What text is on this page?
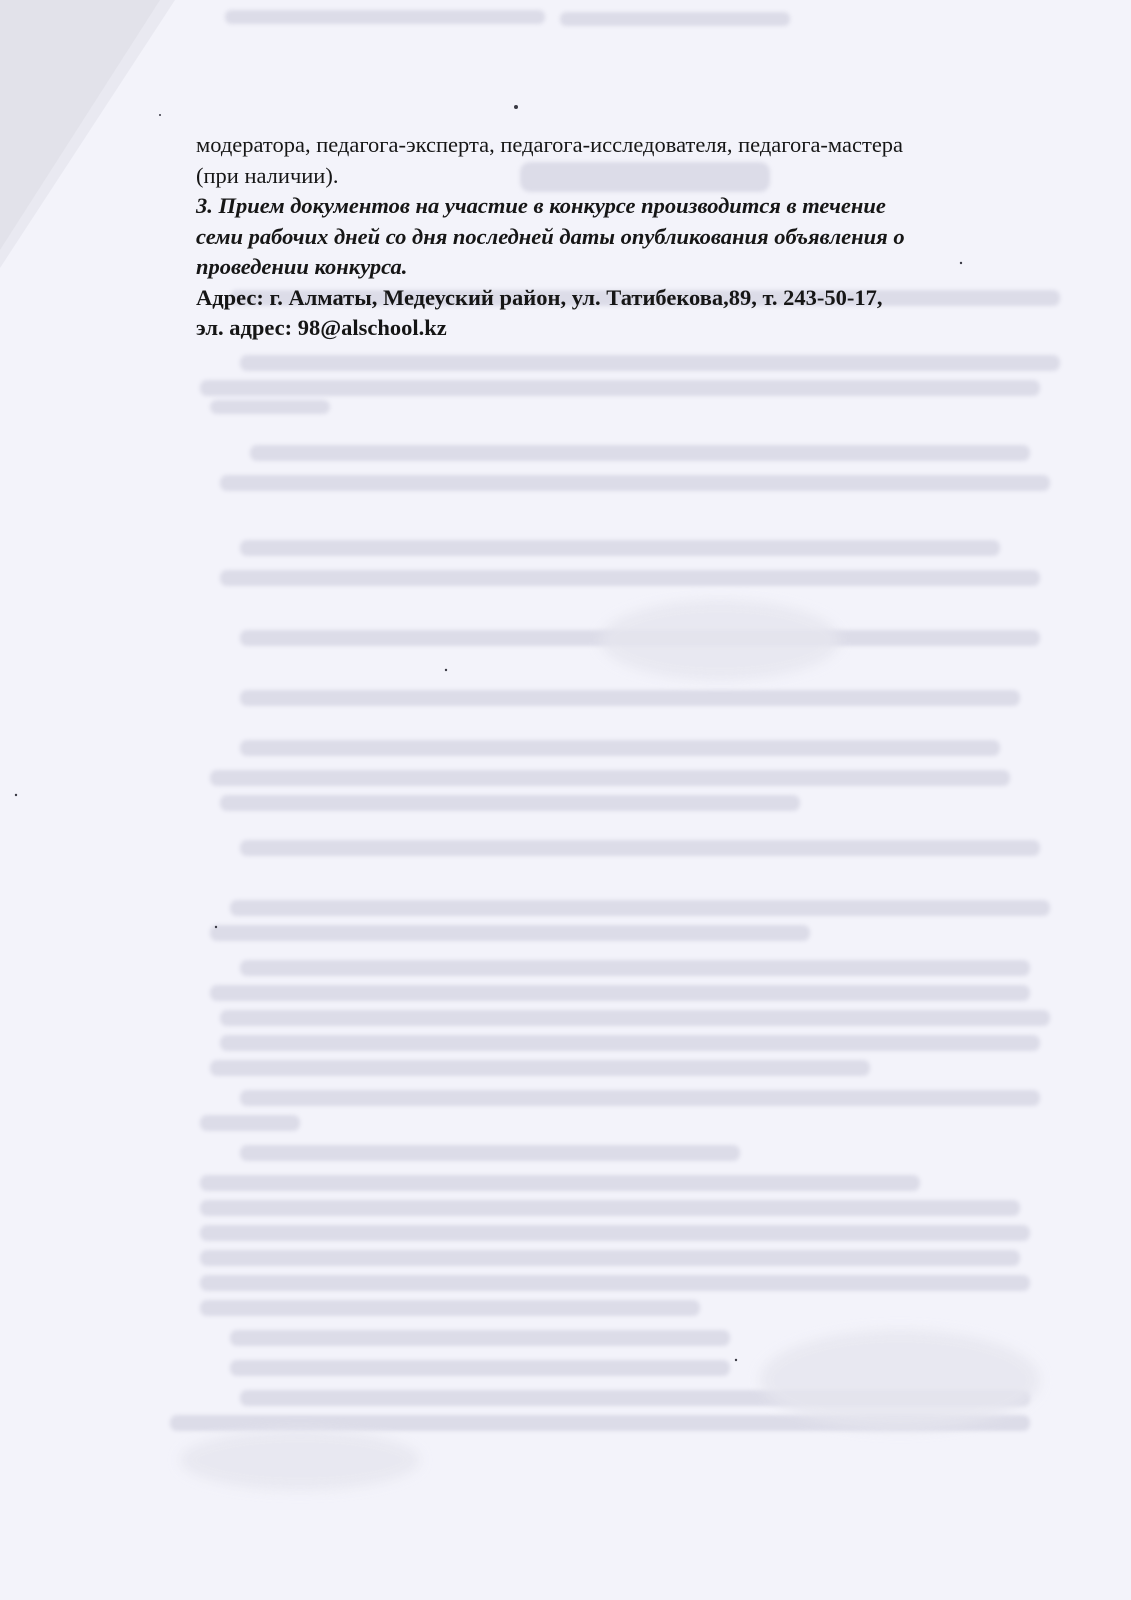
модератора, педагога-эксперта, педагога-исследователя, педагога-мастера

(при наличии).

3. Прием документов на участие в конкурсе производится в течение

семи рабочих дней со дня последней даты опубликования объявления о

проведении конкурса.

Адрес: г. Алматы, Медеуский район, ул. Татибекова,89, т. 243-50-17,

эл. адрес: 98@alschool.kz
